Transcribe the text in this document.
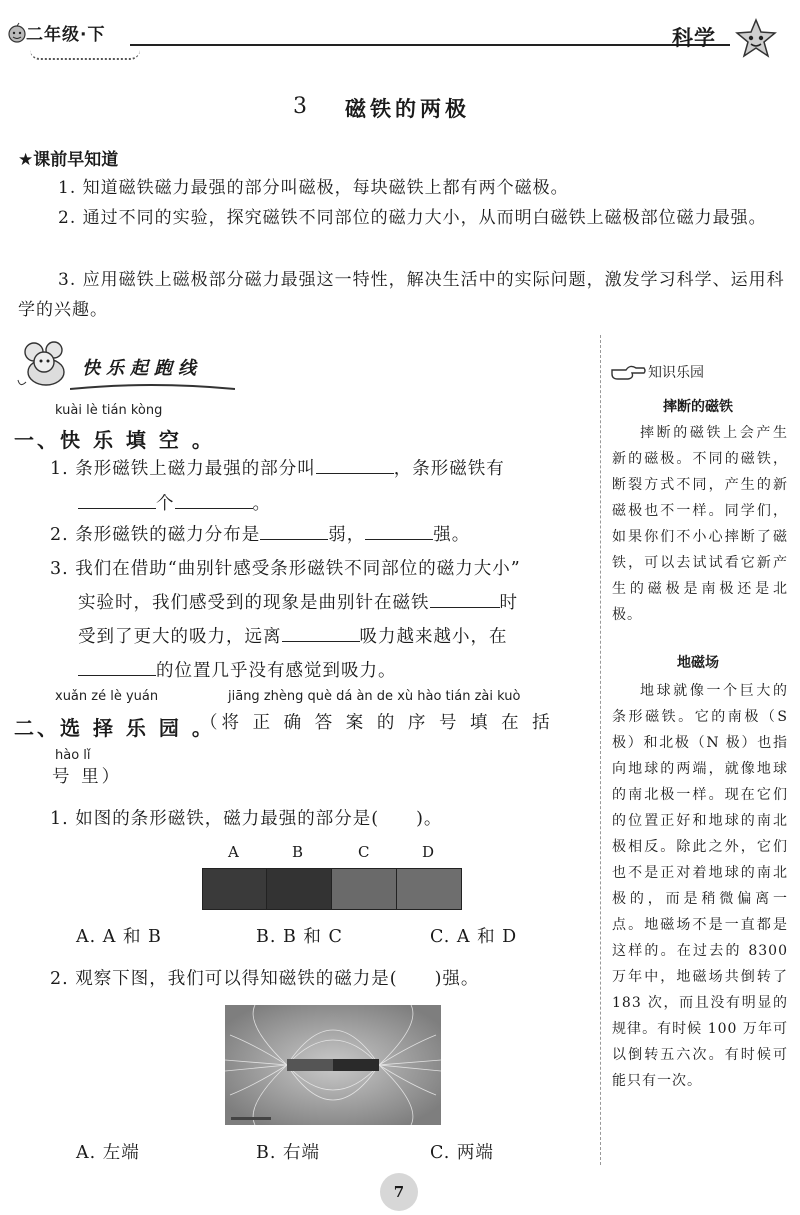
二年级·下	科学
3 磁铁的两极
★课前早知道
1. 知道磁铁磁力最强的部分叫磁极，每块磁铁上都有两个磁极。
2. 通过不同的实验，探究磁铁不同部位的磁力大小，从而明白磁铁上磁极部位磁力最强。
3. 应用磁铁上磁极部分磁力最强这一特性，解决生活中的实际问题，激发学习科学、运用科学的兴趣。
快乐起跑线
kuài lè tián kòng
一、快 乐 填 空 。
1. 条形磁铁上磁力最强的部分叫	，条形磁铁有
个	。
2. 条形磁铁的磁力分布是	弱，	强。
3. 我们在借助“曲别针感受条形磁铁不同部位的磁力大小”
实验时，我们感受到的现象是曲别针在磁铁	时
受到了更大的吸力，远离	吸力越来越小，在
的位置几乎没有感觉到吸力。
xuǎn zé lè yuán	jiāng zhèng què dá àn de xù hào tián zài kuò
二、选 择 乐 园 。
（将 正 确 答 案 的 序 号 填 在 括
hào lǐ
号 里）
1. 如图的条形磁铁，磁力最强的部分是(　　)。
A	B	C	D
A. A 和 B	B. B 和 C	C. A 和 D
2. 观察下图，我们可以得知磁铁的磁力是(　　)强。
A. 左端	B. 右端	C. 两端
知识乐园
摔断的磁铁
摔断的磁铁上会产生新的磁极。不同的磁铁，断裂方式不同，产生的新磁极也不一样。同学们，如果你们不小心摔断了磁铁，可以去试试看它新产生的磁极是南极还是北极。
地磁场
地球就像一个巨大的条形磁铁。它的南极（S 极）和北极（N 极）也指向地球的两端，就像地球的南北极一样。现在它们的位置正好和地球的南北极相反。除此之外，它们也不是正对着地球的南北极的，而是稍微偏离一点。地磁场不是一直都是这样的。在过去的 8300 万年中，地磁场共倒转了 183 次，而且没有明显的规律。有时候 100 万年可以倒转五六次。有时候可能只有一次。
7
